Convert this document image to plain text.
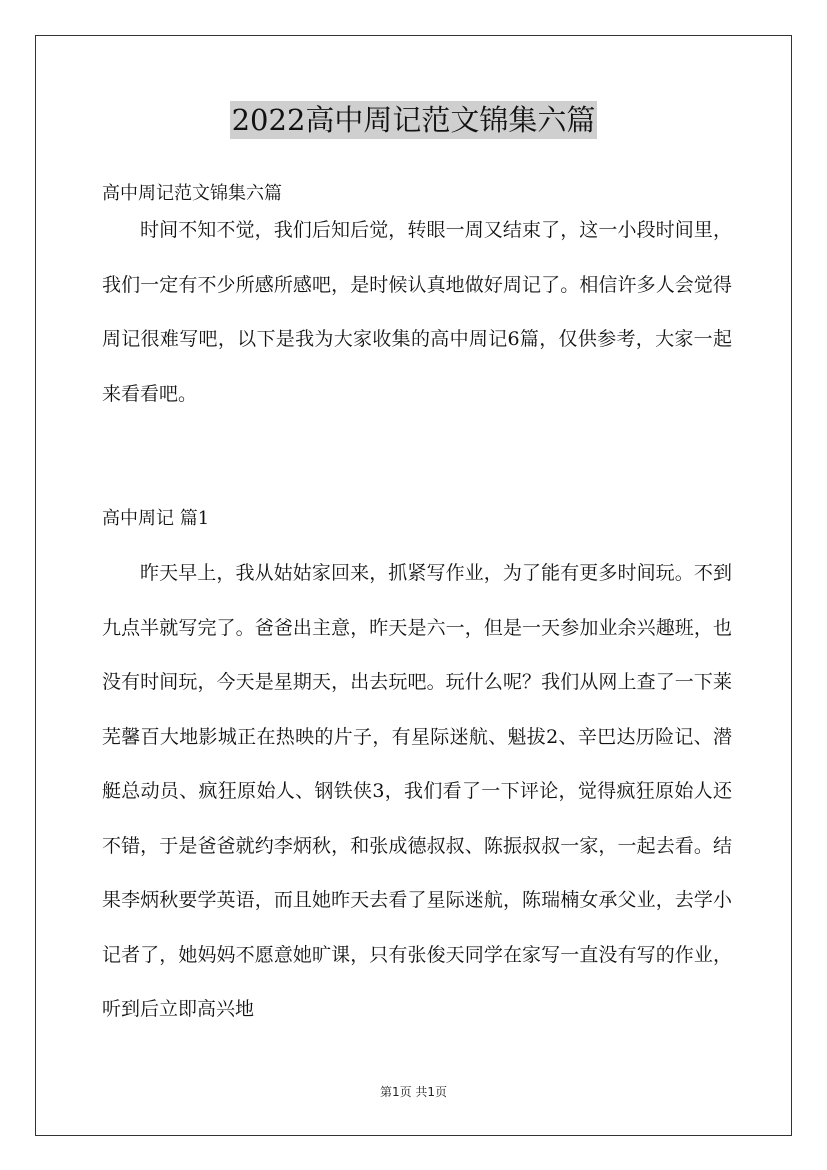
2022高中周记范文锦集六篇
高中周记范文锦集六篇

时间不知不觉，我们后知后觉，转眼一周又结束了，这一小段时间里，我们一定有不少所感所感吧，是时候认真地做好周记了。相信许多人会觉得周记很难写吧，以下是我为大家收集的高中周记6篇，仅供参考，大家一起来看看吧。

高中周记 篇1

昨天早上，我从姑姑家回来，抓紧写作业，为了能有更多时间玩。不到九点半就写完了。爸爸出主意，昨天是六一，但是一天参加业余兴趣班，也没有时间玩，今天是星期天，出去玩吧。玩什么呢？我们从网上查了一下莱芜馨百大地影城正在热映的片子，有星际迷航、魁拔2、辛巴达历险记、潜艇总动员、疯狂原始人、钢铁侠3，我们看了一下评论，觉得疯狂原始人还不错，于是爸爸就约李炳秋，和张成德叔叔、陈振叔叔一家，一起去看。结果李炳秋要学英语，而且她昨天去看了星际迷航，陈瑞楠女承父业，去学小记者了，她妈妈不愿意她旷课，只有张俊天同学在家写一直没有写的作业，听到后立即高兴地

第1页 共1页
